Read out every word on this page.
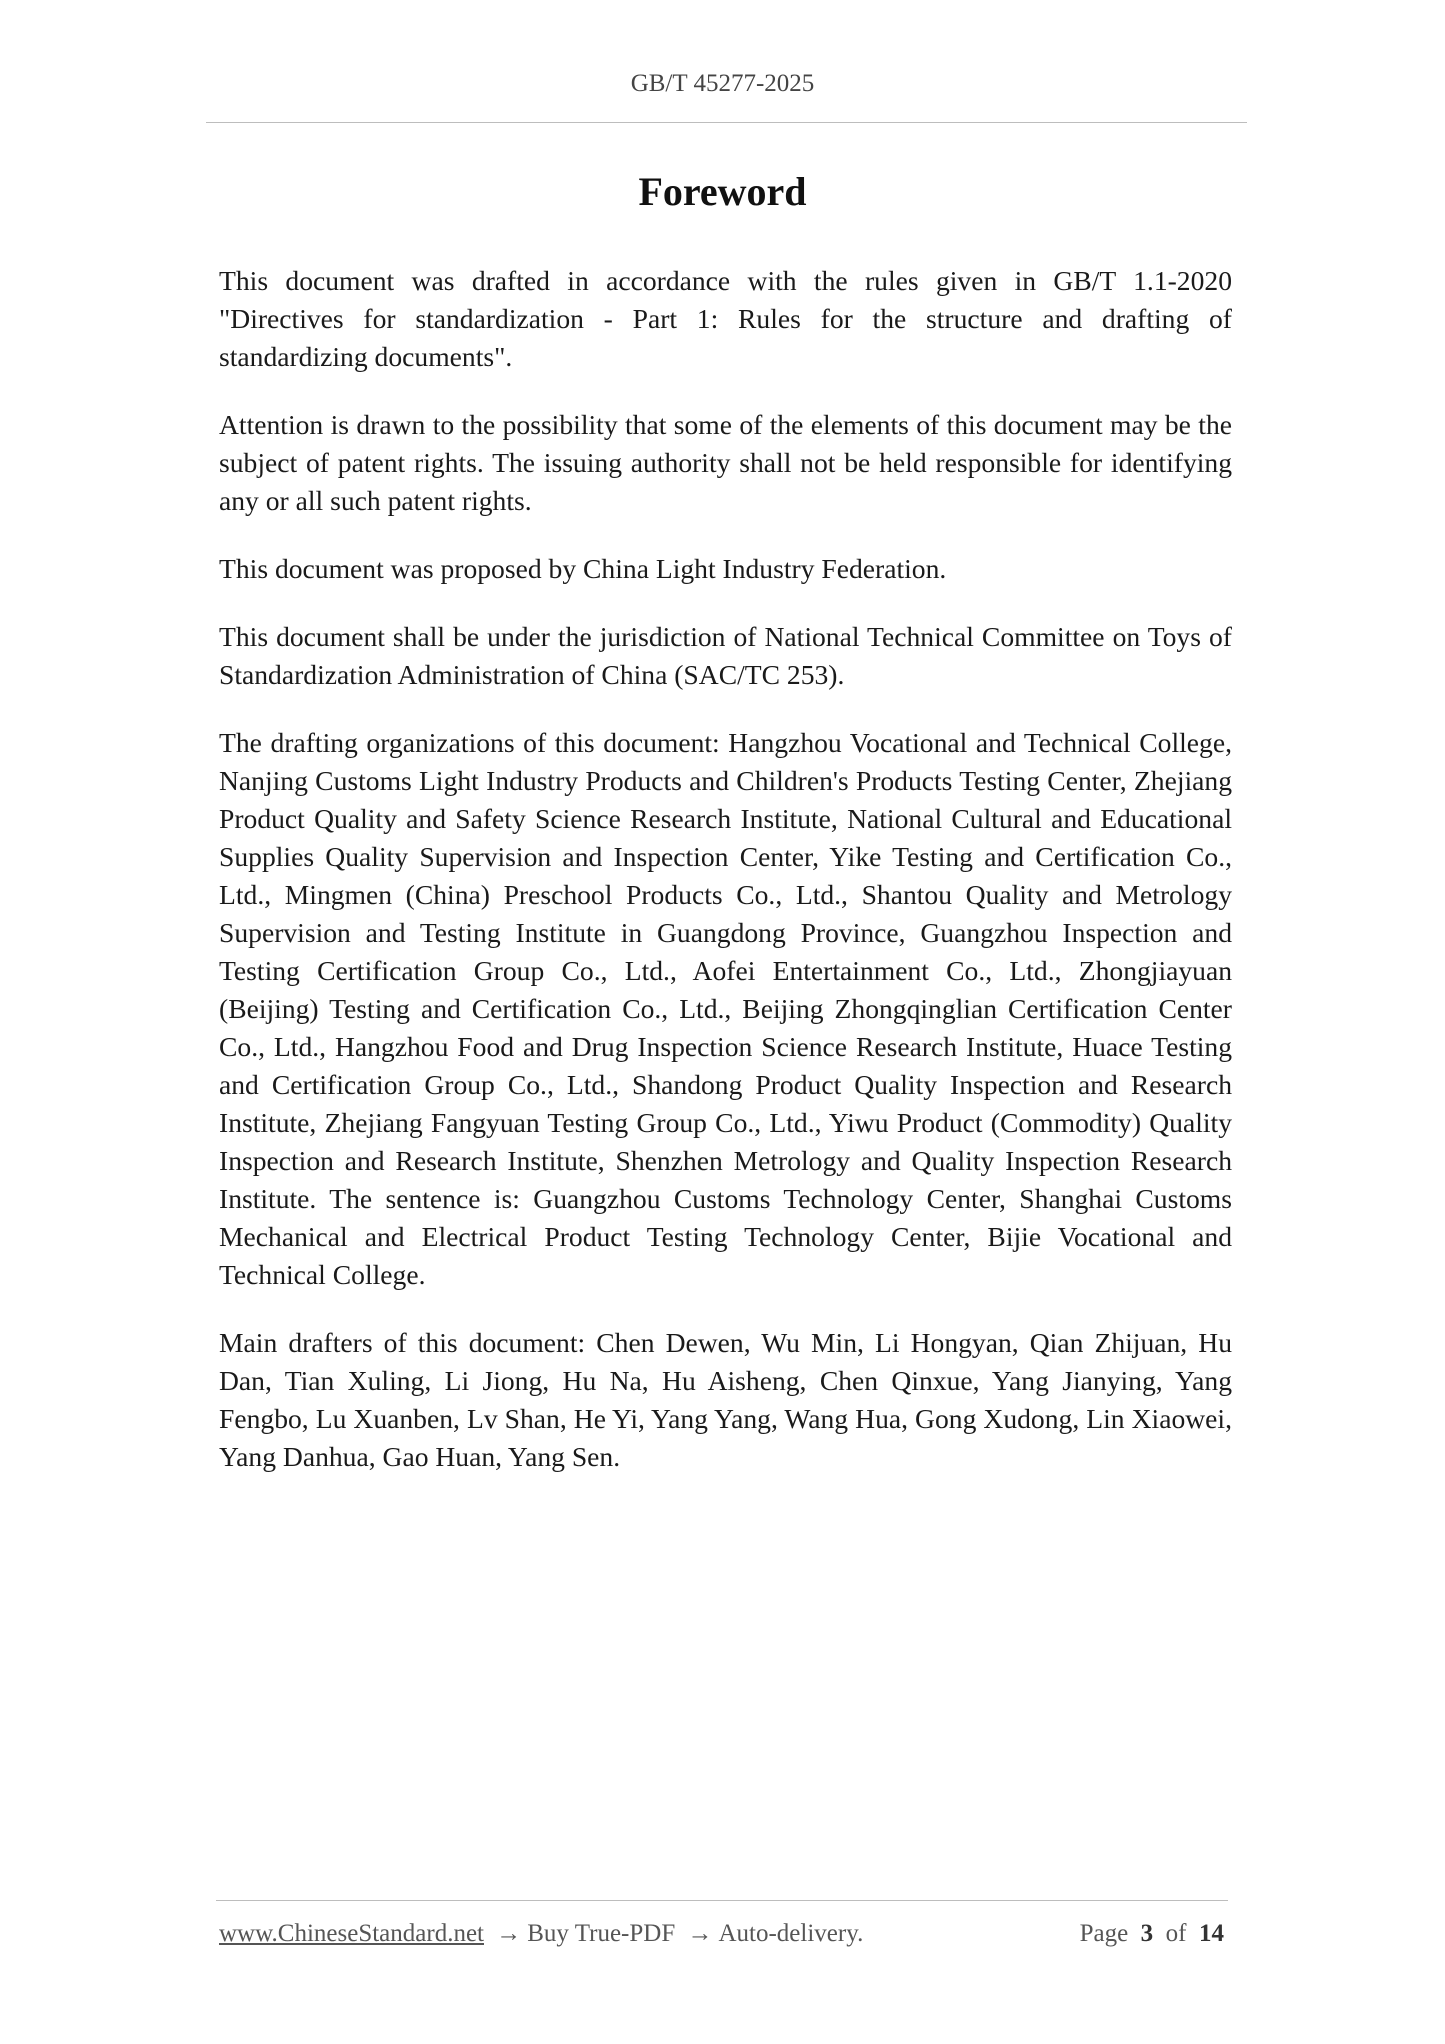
GB/T 45277-2025
Foreword

This document was drafted in accordance with the rules given in GB/T 1.1-2020 "Directives for standardization - Part 1: Rules for the structure and drafting of standardizing documents".

Attention is drawn to the possibility that some of the elements of this document may be the subject of patent rights. The issuing authority shall not be held responsible for identifying any or all such patent rights.

This document was proposed by China Light Industry Federation.

This document shall be under the jurisdiction of National Technical Committee on Toys of Standardization Administration of China (SAC/TC 253).

The drafting organizations of this document: Hangzhou Vocational and Technical College, Nanjing Customs Light Industry Products and Children's Products Testing Center, Zhejiang Product Quality and Safety Science Research Institute, National Cultural and Educational Supplies Quality Supervision and Inspection Center, Yike Testing and Certification Co., Ltd., Mingmen (China) Preschool Products Co., Ltd., Shantou Quality and Metrology Supervision and Testing Institute in Guangdong Province, Guangzhou Inspection and Testing Certification Group Co., Ltd., Aofei Entertainment Co., Ltd., Zhongjiayuan (Beijing) Testing and Certification Co., Ltd., Beijing Zhongqinglian Certification Center Co., Ltd., Hangzhou Food and Drug Inspection Science Research Institute, Huace Testing and Certification Group Co., Ltd., Shandong Product Quality Inspection and Research Institute, Zhejiang Fangyuan Testing Group Co., Ltd., Yiwu Product (Commodity) Quality Inspection and Research Institute, Shenzhen Metrology and Quality Inspection Research Institute. The sentence is: Guangzhou Customs Technology Center, Shanghai Customs Mechanical and Electrical Product Testing Technology Center, Bijie Vocational and Technical College.

Main drafters of this document: Chen Dewen, Wu Min, Li Hongyan, Qian Zhijuan, Hu Dan, Tian Xuling, Li Jiong, Hu Na, Hu Aisheng, Chen Qinxue, Yang Jianying, Yang Fengbo, Lu Xuanben, Lv Shan, He Yi, Yang Yang, Wang Hua, Gong Xudong, Lin Xiaowei, Yang Danhua, Gao Huan, Yang Sen.

www.ChineseStandard.net → Buy True-PDF → Auto-delivery.	Page 3 of 14
